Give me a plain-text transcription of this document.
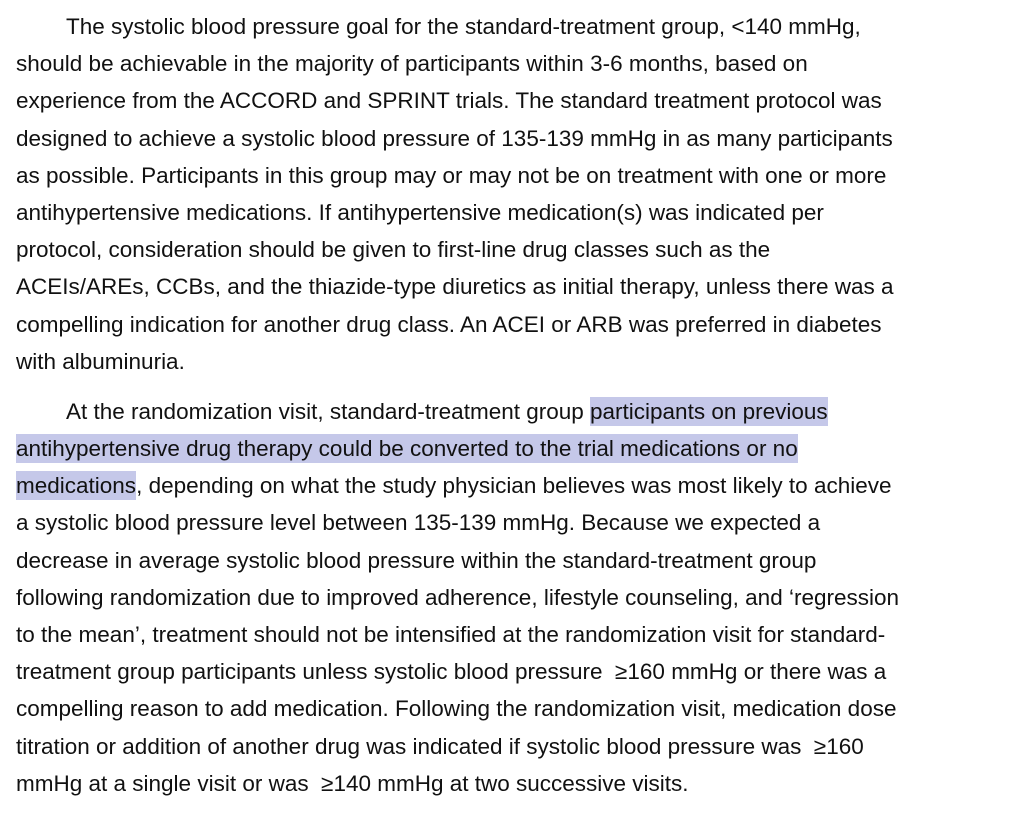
The systolic blood pressure goal for the standard-treatment group, <140 mmHg,
should be achievable in the majority of participants within 3-6 months, based on
experience from the ACCORD and SPRINT trials. The standard treatment protocol was
designed to achieve a systolic blood pressure of 135-139 mmHg in as many participants
as possible. Participants in this group may or may not be on treatment with one or more
antihypertensive medications. If antihypertensive medication(s) was indicated per
protocol, consideration should be given to first-line drug classes such as the
ACEIs/AREs, CCBs, and the thiazide-type diuretics as initial therapy, unless there was a
compelling indication for another drug class. An ACEI or ARB was preferred in diabetes
with albuminuria.
At the randomization visit, standard-treatment group participants on previous
antihypertensive drug therapy could be converted to the trial medications or no
medications, depending on what the study physician believes was most likely to achieve
a systolic blood pressure level between 135-139 mmHg. Because we expected a
decrease in average systolic blood pressure within the standard-treatment group
following randomization due to improved adherence, lifestyle counseling, and ‘regression
to the mean’, treatment should not be intensified at the randomization visit for standard-
treatment group participants unless systolic blood pressure  ≥160 mmHg or there was a
compelling reason to add medication. Following the randomization visit, medication dose
titration or addition of another drug was indicated if systolic blood pressure was  ≥160
mmHg at a single visit or was  ≥140 mmHg at two successive visits.
